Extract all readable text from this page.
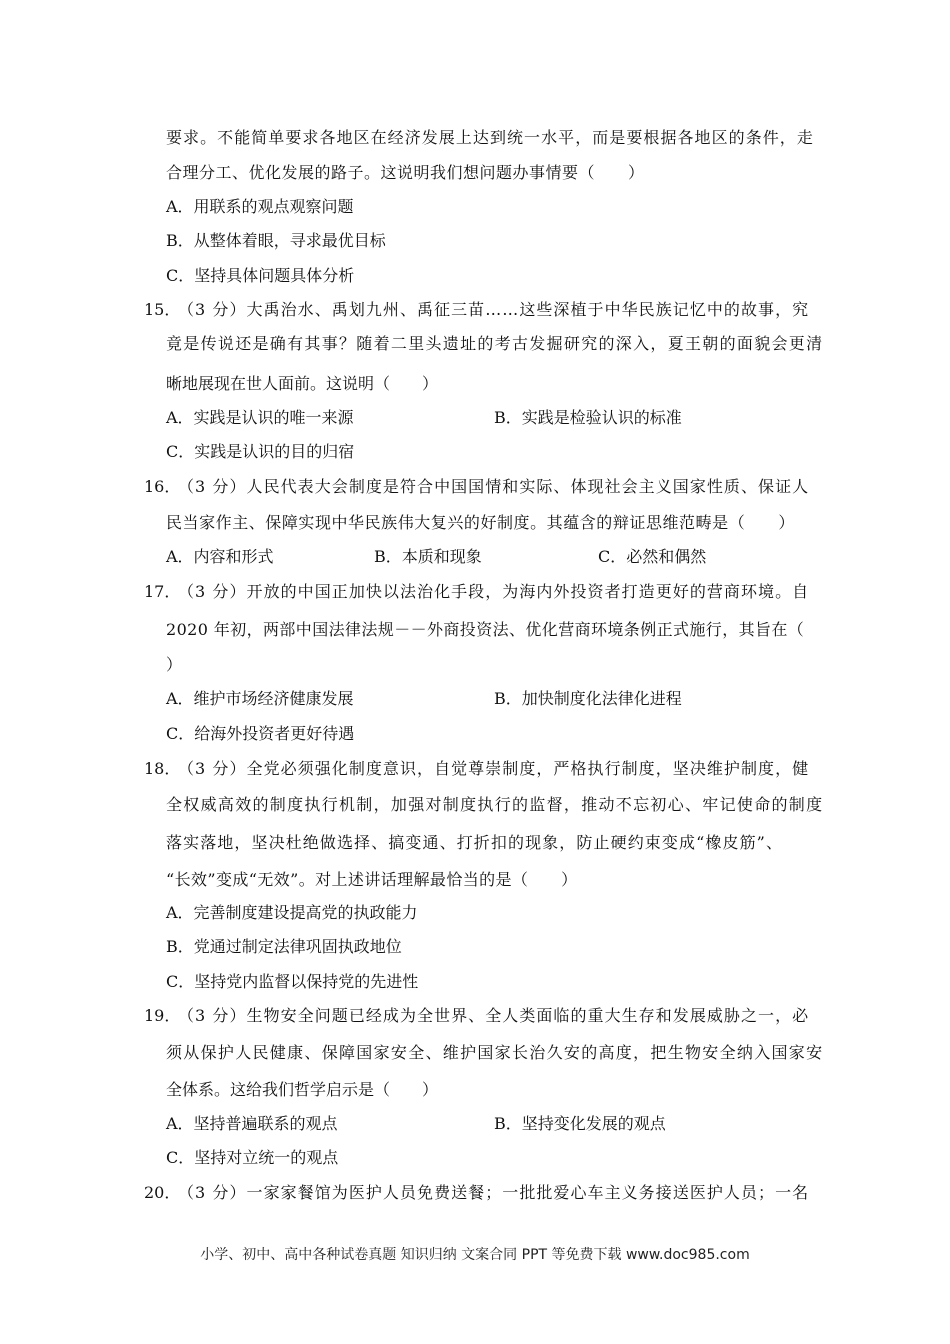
要求。不能简单要求各地区在经济发展上达到统一水平，而是要根据各地区的条件，走
合理分工、优化发展的路子。这说明我们想问题办事情要（　　）
A．用联系的观点观察问题
B．从整体着眼，寻求最优目标
C．坚持具体问题具体分析
15．
（3 分）大禹治水、禹划九州、禹征三苗……这些深植于中华民族记忆中的故事，究
竟是传说还是确有其事？随着二里头遗址的考古发掘研究的深入，夏王朝的面貌会更清
晰地展现在世人面前。这说明（　　）
A．实践是认识的唯一来源	B．实践是检验认识的标准
C．实践是认识的目的归宿
16．
（3 分）人民代表大会制度是符合中国国情和实际、体现社会主义国家性质、保证人
民当家作主、保障实现中华民族伟大复兴的好制度。其蕴含的辩证思维范畴是（　　）
A．内容和形式	B．本质和现象	C．必然和偶然
17．
（3 分）开放的中国正加快以法治化手段，为海内外投资者打造更好的营商环境。自
2020 年初，两部中国法律法规－－外商投资法、优化营商环境条例正式施行，其旨在（
）
A．维护市场经济健康发展	B．加快制度化法律化进程
C．给海外投资者更好待遇
18．
（3 分）全党必须强化制度意识，自觉尊崇制度，严格执行制度，坚决维护制度，健
全权威高效的制度执行机制，加强对制度执行的监督，推动不忘初心、牢记使命的制度
落实落地，坚决杜绝做选择、搞变通、打折扣的现象，防止硬约束变成“橡皮筋”、
“长效”变成“无效”。对上述讲话理解最恰当的是（　　）
A．完善制度建设提高党的执政能力
B．党通过制定法律巩固执政地位
C．坚持党内监督以保持党的先进性
19．
（3 分）生物安全问题已经成为全世界、全人类面临的重大生存和发展威胁之一，必
须从保护人民健康、保障国家安全、维护国家长治久安的高度，把生物安全纳入国家安
全体系。这给我们哲学启示是（　　）
A．坚持普遍联系的观点	B．坚持变化发展的观点
C．坚持对立统一的观点
20．
（3 分）一家家餐馆为医护人员免费送餐；一批批爱心车主义务接送医护人员；一名
小学、初中、高中各种试卷真题 知识归纳 文案合同 PPT 等免费下载 www.doc985.com
